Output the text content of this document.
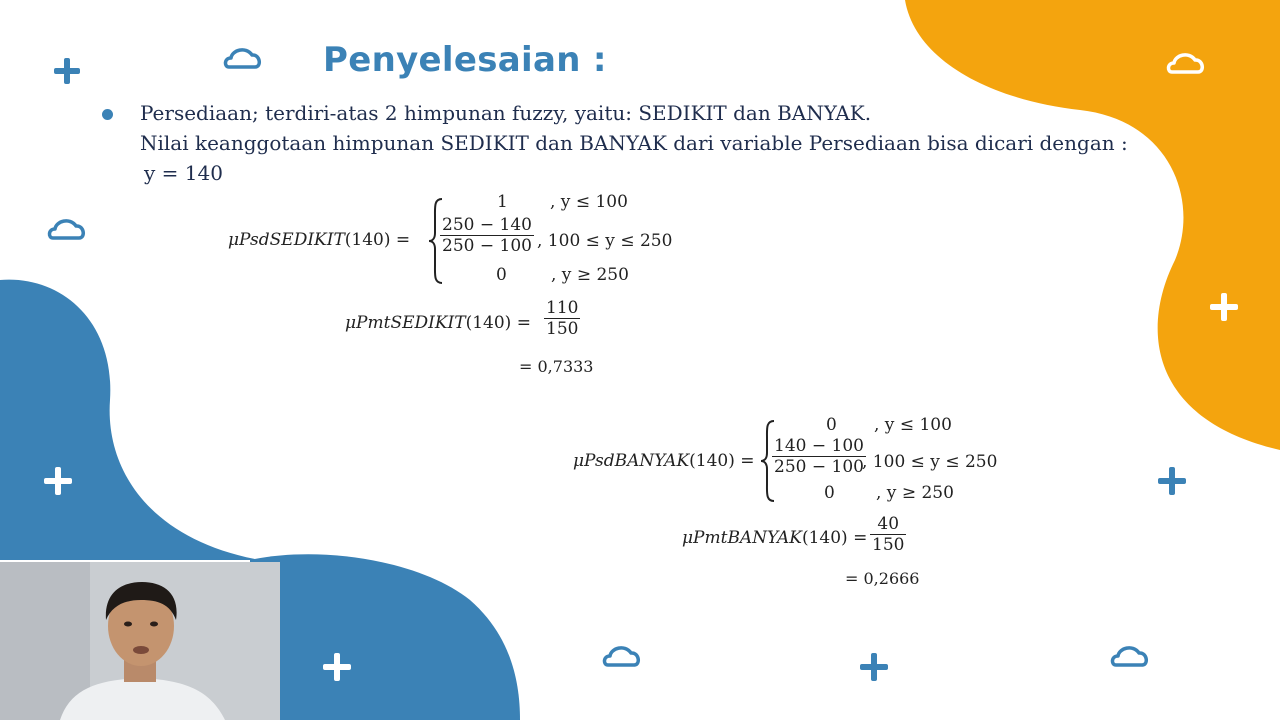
Penyelesaian :
Persediaan; terdiri-atas 2 himpunan fuzzy, yaitu: SEDIKIT dan BANYAK.
Nilai keanggotaan himpunan SEDIKIT dan BANYAK dari variable Persediaan bisa dicari dengan :
y = 140
μPsdSEDIKIT(140) =
1 , y ≤ 100
$\frac{250 - 140}{250 - 100}$ , 100 ≤ y ≤ 250
0	, y ≥ 250
μPmtSEDIKIT(140) = $\frac{110}{150}$
= 0,7333
μPsdBANYAK(140) =
0 , y ≤ 100
$\frac{140 - 100}{250 - 100}$
, 100 ≤ y ≤ 250
0 , y ≥ 250
μPmtBANYAK(140) = $\frac{40}{150}$
= 0,2666
